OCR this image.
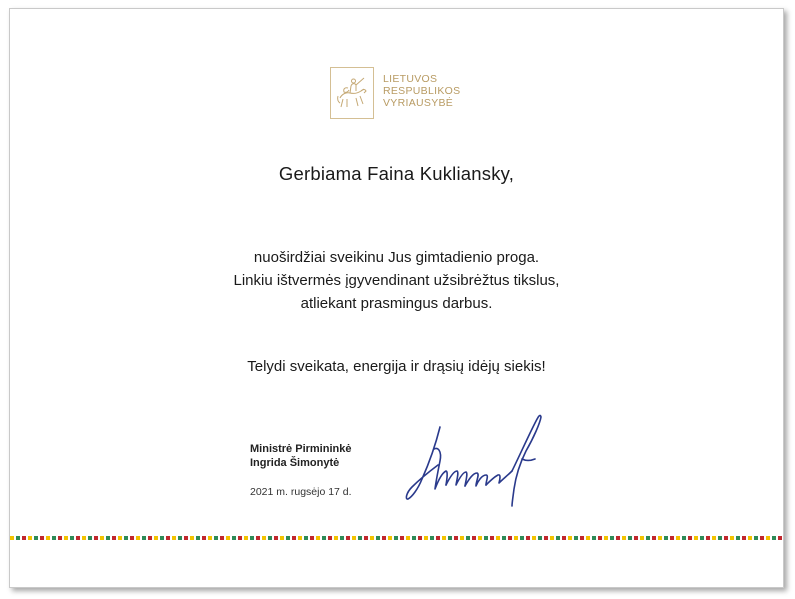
LIETUVOS
RESPUBLIKOS
VYRIAUSYBĖ
Gerbiama Faina Kukliansky,
nuoširdžiai sveikinu Jus gimtadienio proga.
Linkiu ištvermės įgyvendinant užsibrėžtus tikslus,
atliekant prasmingus darbus.
Telydi sveikata, energija ir drąsių idėjų siekis!
Ministrė Pirmininkė
Ingrida Šimonytė
2021 m. rugsėjo 17 d.
